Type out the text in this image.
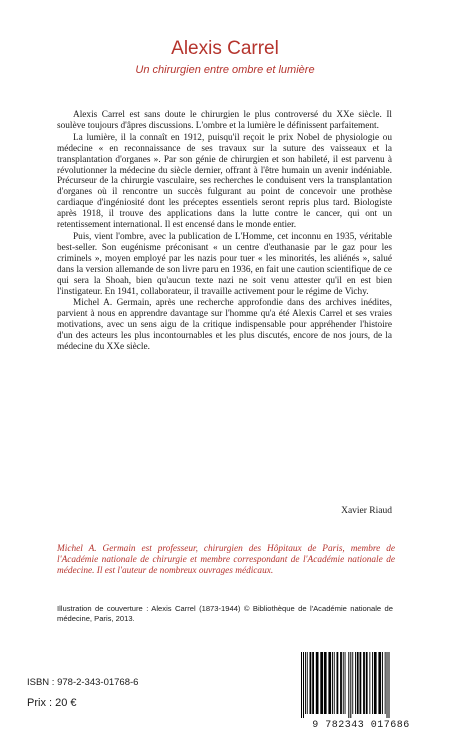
Alexis Carrel
Un chirurgien entre ombre et lumière

Alexis Carrel est sans doute le chirurgien le plus controversé du XXe siècle. Il soulève toujours d'âpres discussions. L'ombre et la lumière le définissent parfaitement.

La lumière, il la connaît en 1912, puisqu'il reçoit le prix Nobel de physiologie ou médecine « en reconnaissance de ses travaux sur la suture des vaisseaux et la transplantation d'organes ». Par son génie de chirurgien et son habileté, il est parvenu à révolutionner la médecine du siècle dernier, offrant à l'être humain un avenir indéniable. Précurseur de la chirurgie vasculaire, ses recherches le conduisent vers la transplantation d'organes où il rencontre un succès fulgurant au point de concevoir une prothèse cardiaque d'ingéniosité dont les préceptes essentiels seront repris plus tard. Biologiste après 1918, il trouve des applications dans la lutte contre le cancer, qui ont un retentissement international. Il est encensé dans le monde entier.

Puis, vient l'ombre, avec la publication de L'Homme, cet inconnu en 1935, véritable best-seller. Son eugénisme préconisant « un centre d'euthanasie par le gaz pour les criminels », moyen employé par les nazis pour tuer « les minorités, les aliénés », salué dans la version allemande de son livre paru en 1936, en fait une caution scientifique de ce qui sera la Shoah, bien qu'aucun texte nazi ne soit venu attester qu'il en est bien l'instigateur. En 1941, collaborateur, il travaille activement pour le régime de Vichy.

Michel A. Germain, après une recherche approfondie dans des archives inédites, parvient à nous en apprendre davantage sur l'homme qu'a été Alexis Carrel et ses vraies motivations, avec un sens aigu de la critique indispensable pour appréhender l'histoire d'un des acteurs les plus incontournables et les plus discutés, encore de nos jours, de la médecine du XXe siècle.

Xavier Riaud
Michel A. Germain est professeur, chirurgien des Hôpitaux de Paris, membre de l'Académie nationale de chirurgie et membre correspondant de l'Académie nationale de médecine. Il est l'auteur de nombreux ouvrages médicaux.
Illustration de couverture : Alexis Carrel (1873-1944) © Bibliothèque de l'Académie nationale de médecine, Paris, 2013.
ISBN : 978-2-343-01768-6
Prix : 20 €
9 782343 017686
